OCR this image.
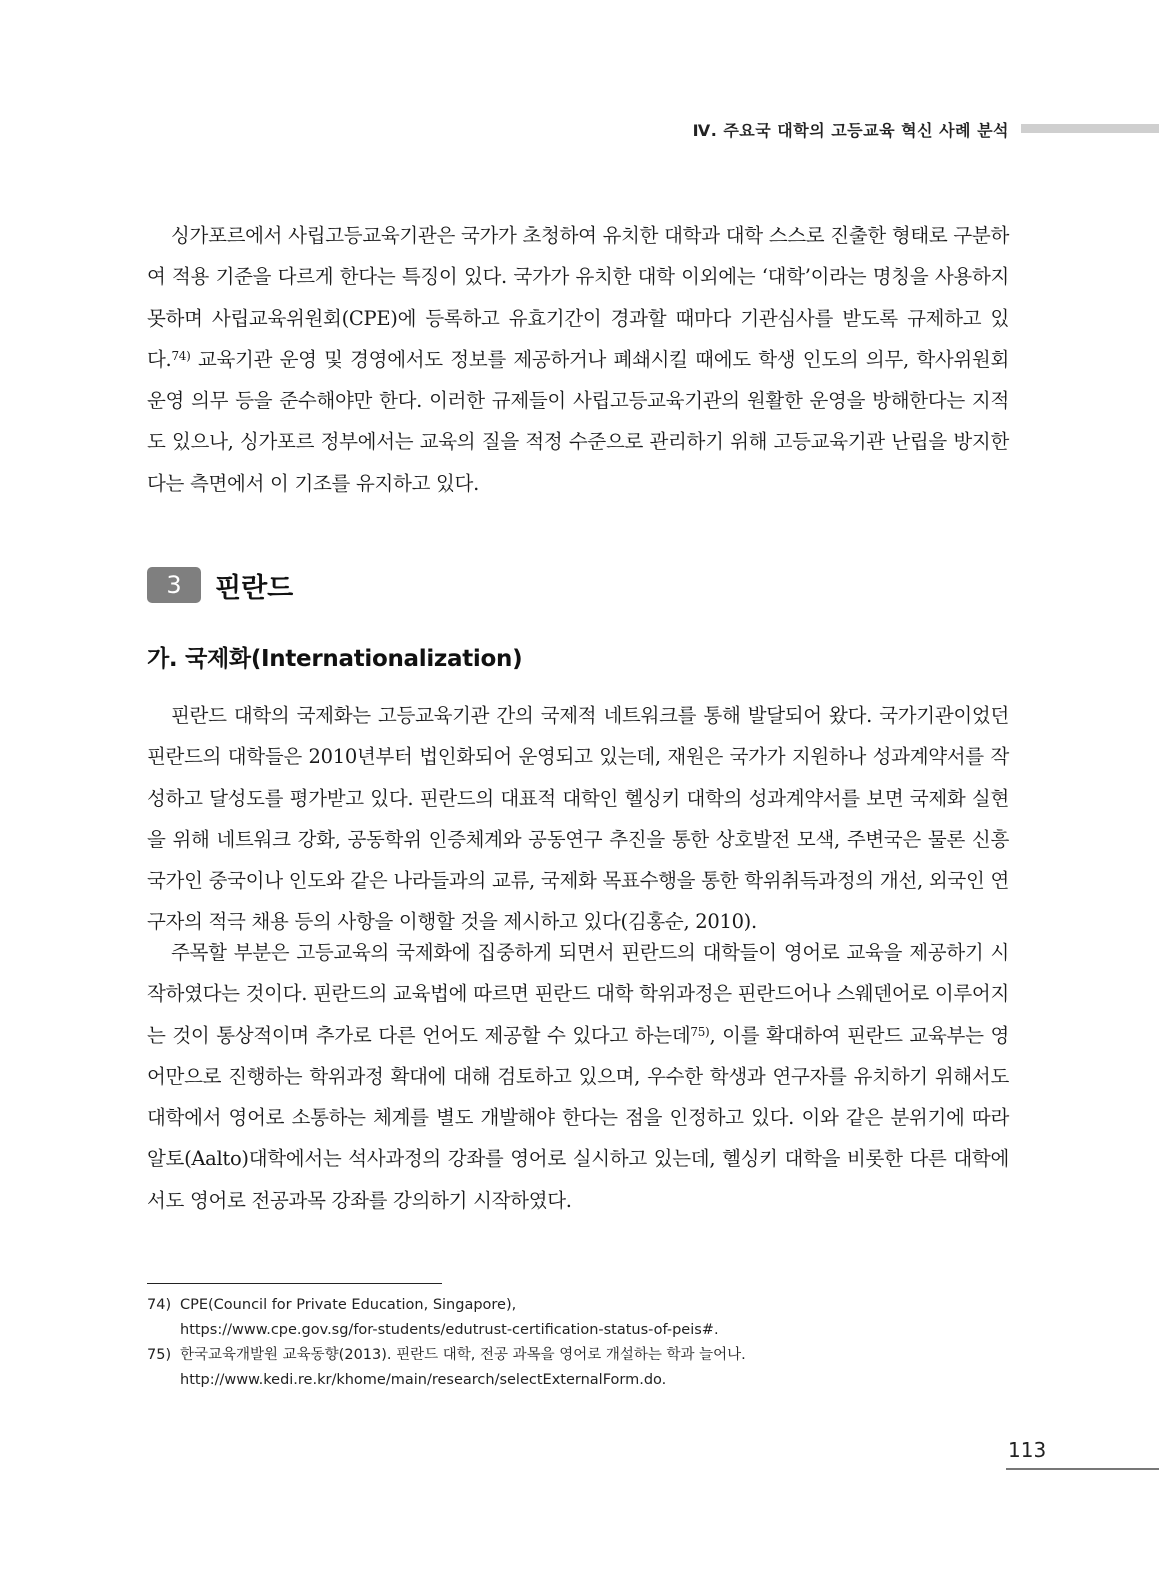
Ⅳ. 주요국 대학의 고등교육 혁신 사례 분석

싱가포르에서 사립고등교육기관은 국가가 초청하여 유치한 대학과 대학 스스로 진출한 형태로 구분하여 적용 기준을 다르게 한다는 특징이 있다. 국가가 유치한 대학 이외에는 ‘대학’이라는 명칭을 사용하지 못하며 사립교육위원회(CPE)에 등록하고 유효기간이 경과할 때마다 기관심사를 받도록 규제하고 있다.$^{74)}$ 교육기관 운영 및 경영에서도 정보를 제공하거나 폐쇄시킬 때에도 학생 인도의 의무, 학사위원회 운영 의무 등을 준수해야만 한다. 이러한 규제들이 사립고등교육기관의 원활한 운영을 방해한다는 지적도 있으나, 싱가포르 정부에서는 교육의 질을 적정 수준으로 관리하기 위해 고등교육기관 난립을 방지한다는 측면에서 이 기조를 유지하고 있다.

3	핀란드
가. 국제화(Internationalization)

핀란드 대학의 국제화는 고등교육기관 간의 국제적 네트워크를 통해 발달되어 왔다. 국가기관이었던 핀란드의 대학들은 2010년부터 법인화되어 운영되고 있는데, 재원은 국가가 지원하나 성과계약서를 작성하고 달성도를 평가받고 있다. 핀란드의 대표적 대학인 헬싱키 대학의 성과계약서를 보면 국제화 실현을 위해 네트워크 강화, 공동학위 인증체계와 공동연구 추진을 통한 상호발전 모색, 주변국은 물론 신흥국가인 중국이나 인도와 같은 나라들과의 교류, 국제화 목표수행을 통한 학위취득과정의 개선, 외국인 연구자의 적극 채용 등의 사항을 이행할 것을 제시하고 있다(김홍순, 2010).

주목할 부분은 고등교육의 국제화에 집중하게 되면서 핀란드의 대학들이 영어로 교육을 제공하기 시작하였다는 것이다. 핀란드의 교육법에 따르면 핀란드 대학 학위과정은 핀란드어나 스웨덴어로 이루어지는 것이 통상적이며 추가로 다른 언어도 제공할 수 있다고 하는데$^{75)}$, 이를 확대하여 핀란드 교육부는 영어만으로 진행하는 학위과정 확대에 대해 검토하고 있으며, 우수한 학생과 연구자를 유치하기 위해서도 대학에서 영어로 소통하는 체계를 별도 개발해야 한다는 점을 인정하고 있다. 이와 같은 분위기에 따라 알토(Aalto)대학에서는 석사과정의 강좌를 영어로 실시하고 있는데, 헬싱키 대학을 비롯한 다른 대학에서도 영어로 전공과목 강좌를 강의하기 시작하였다.

74) CPE(Council for Private Education, Singapore),
https://www.cpe.gov.sg/for-students/edutrust-certification-status-of-peis#.
75) 한국교육개발원 교육동향(2013). 핀란드 대학, 전공 과목을 영어로 개설하는 학과 늘어나.
http://www.kedi.re.kr/khome/main/research/selectExternalForm.do.
113
